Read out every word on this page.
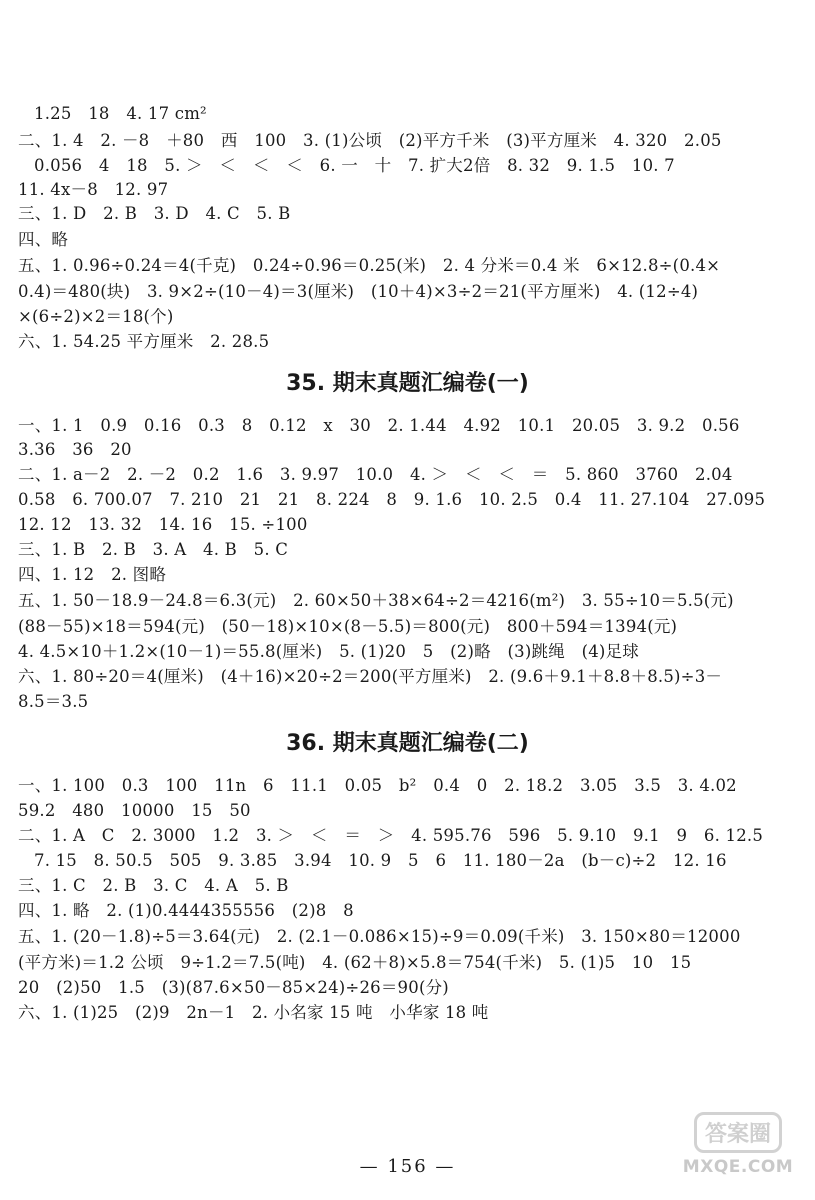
1.25　18　4. 17 cm²
二、1. 4　2. －8　＋80　西　100　3. (1)公顷　(2)平方千米　(3)平方厘米　4. 320　2.05
0.056　4　18　5. ＞　＜　＜　＜　6. 一　十　7. 扩大2倍　8. 32　9. 1.5　10. 7
11. 4x－8　12. 97
三、1. D　2. B　3. D　4. C　5. B
四、略
五、1. 0.96÷0.24＝4(千克)　0.24÷0.96＝0.25(米)　2. 4 分米＝0.4 米　6×12.8÷(0.4×
0.4)＝480(块)　3. 9×2÷(10－4)＝3(厘米)　(10＋4)×3÷2＝21(平方厘米)　4. (12÷4)
×(6÷2)×2＝18(个)
六、1. 54.25 平方厘米　2. 28.5
35. 期末真题汇编卷(一)
一、1. 1　0.9　0.16　0.3　8　0.12　x　30　2. 1.44　4.92　10.1　20.05　3. 9.2　0.56
3.36　36　20
二、1. a－2　2. －2　0.2　1.6　3. 9.97　10.0　4. ＞　＜　＜　＝　5. 860　3760　2.04
0.58　6. 700.07　7. 210　21　21　8. 224　8　9. 1.6　10. 2.5　0.4　11. 27.104　27.095
12. 12　13. 32　14. 16　15. ÷100
三、1. B　2. B　3. A　4. B　5. C
四、1. 12　2. 图略
五、1. 50－18.9－24.8＝6.3(元)　2. 60×50＋38×64÷2＝4216(m²)　3. 55÷10＝5.5(元)
(88－55)×18＝594(元)　(50－18)×10×(8－5.5)＝800(元)　800＋594＝1394(元)
4. 4.5×10＋1.2×(10－1)＝55.8(厘米)　5. (1)20　5　(2)略　(3)跳绳　(4)足球
六、1. 80÷20＝4(厘米)　(4＋16)×20÷2＝200(平方厘米)　2. (9.6＋9.1＋8.8＋8.5)÷3－
8.5＝3.5
36. 期末真题汇编卷(二)
一、1. 100　0.3　100　11n　6　11.1　0.05　b²　0.4　0　2. 18.2　3.05　3.5　3. 4.02
59.2　480　10000　15　50
二、1. A　C　2. 3000　1.2　3. ＞　＜　＝　＞　4. 595.76　596　5. 9.10　9.1　9　6. 12.5
7. 15　8. 50.5　505　9. 3.85　3.94　10. 9　5　6　11. 180－2a　(b－c)÷2　12. 16
三、1. C　2. B　3. C　4. A　5. B
四、1. 略　2. (1)0.4444355556　(2)8　8
五、1. (20－1.8)÷5＝3.64(元)　2. (2.1－0.086×15)÷9＝0.09(千米)　3. 150×80＝12000
(平方米)＝1.2 公顷　9÷1.2＝7.5(吨)　4. (62＋8)×5.8＝754(千米)　5. (1)5　10　15
20　(2)50　1.5　(3)(87.6×50－85×24)÷26＝90(分)
六、1. (1)25　(2)9　2n－1　2. 小名家 15 吨　小华家 18 吨
— 156 —
答案圈
MXQE.COM
